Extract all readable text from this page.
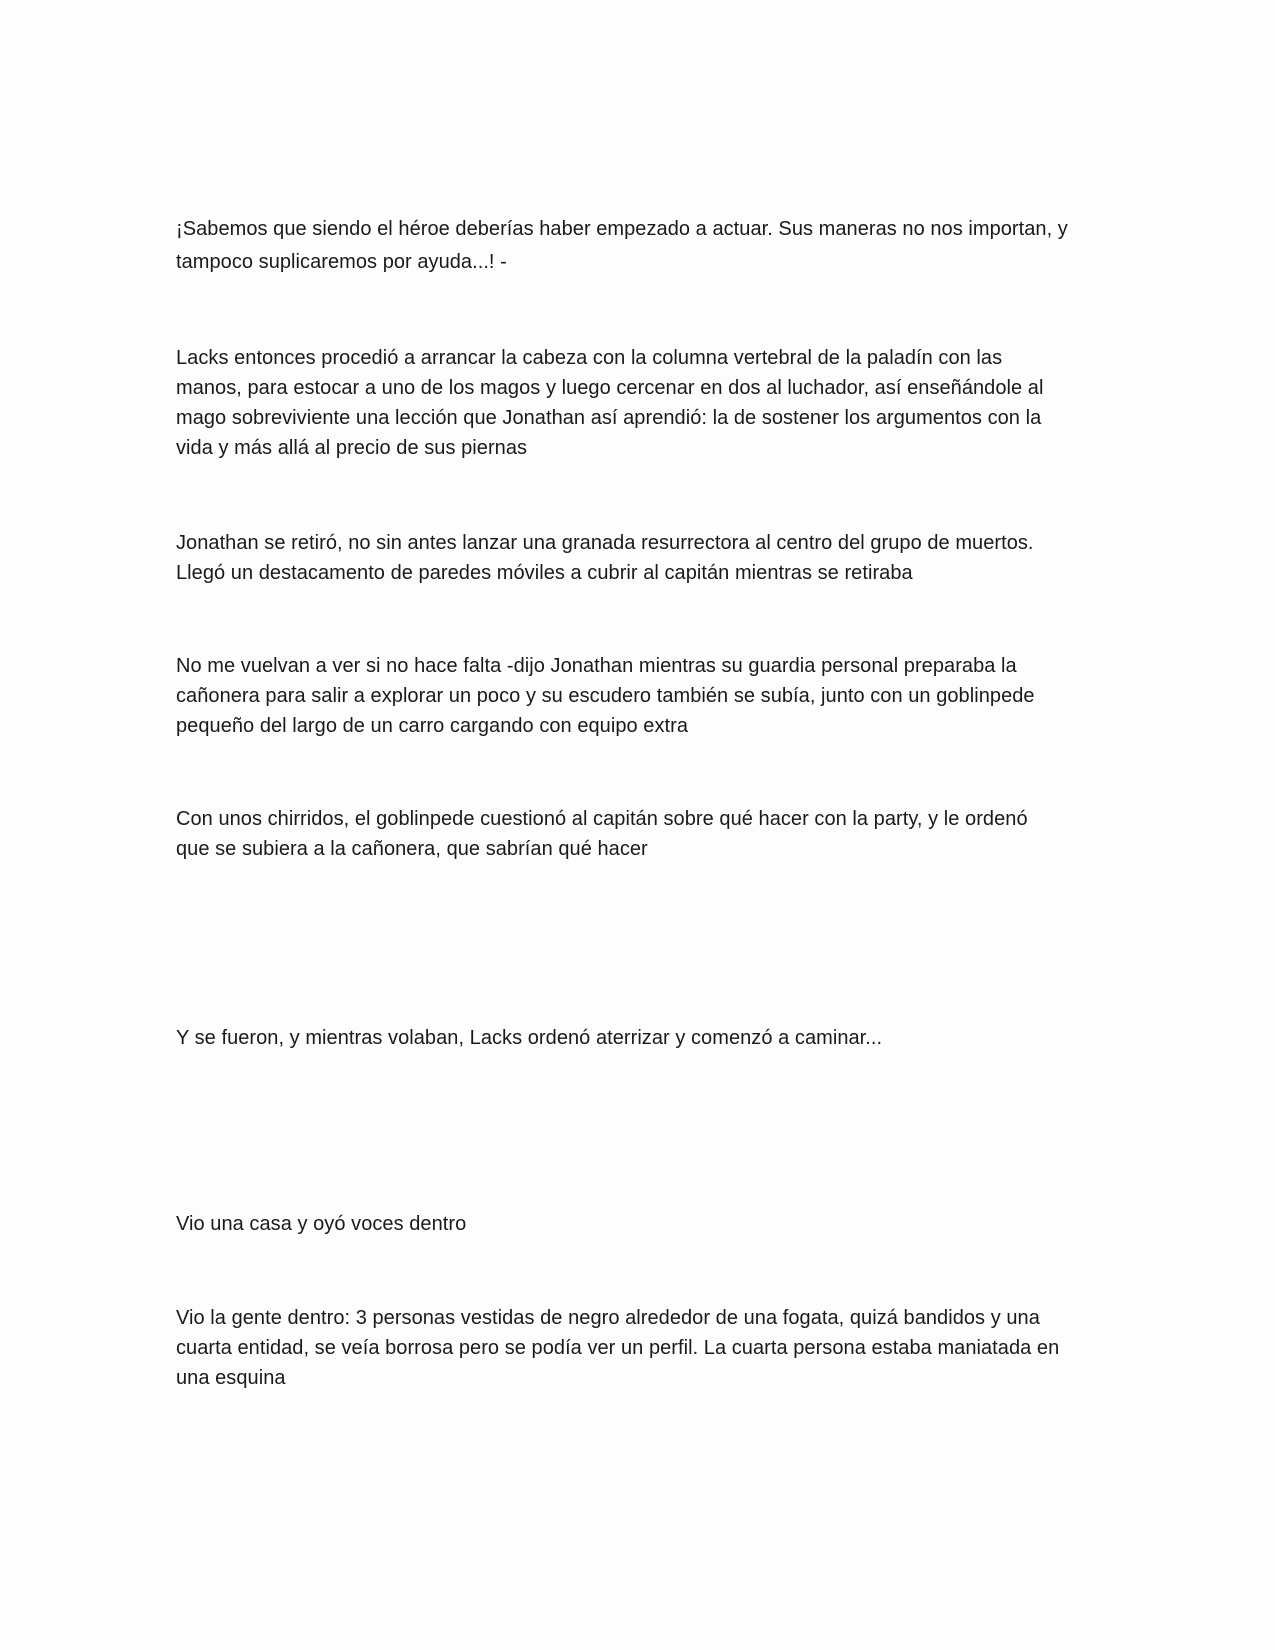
¡Sabemos que siendo el héroe deberías haber empezado a actuar. Sus maneras no nos importan, y
tampoco suplicaremos por ayuda...! -

Lacks entonces procedió a arrancar la cabeza con la columna vertebral de la paladín con las
manos, para estocar a uno de los magos y luego cercenar en dos al luchador, así enseñándole al
mago sobreviviente una lección que Jonathan así aprendió: la de sostener los argumentos con la
vida y más allá al precio de sus piernas

Jonathan se retiró, no sin antes lanzar una granada resurrectora al centro del grupo de muertos.
Llegó un destacamento de paredes móviles a cubrir al capitán mientras se retiraba

No me vuelvan a ver si no hace falta -dijo Jonathan mientras su guardia personal preparaba la
cañonera para salir a explorar un poco y su escudero también se subía, junto con un goblinpede
pequeño del largo de un carro cargando con equipo extra

Con unos chirridos, el goblinpede cuestionó al capitán sobre qué hacer con la party, y le ordenó
que se subiera a la cañonera, que sabrían qué hacer

Y se fueron, y mientras volaban, Lacks ordenó aterrizar y comenzó a caminar...

Vio una casa y oyó voces dentro

Vio la gente dentro: 3 personas vestidas de negro alrededor de una fogata, quizá bandidos y una
cuarta entidad, se veía borrosa pero se podía ver un perfil. La cuarta persona estaba maniatada en
una esquina
